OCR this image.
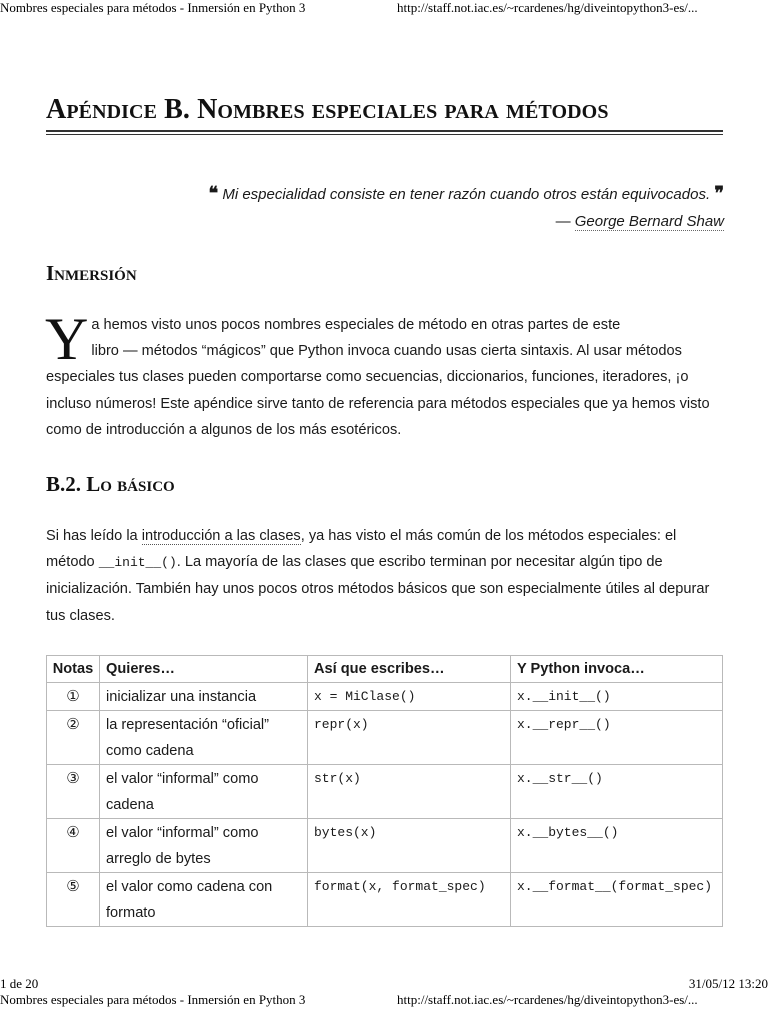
Nombres especiales para métodos - Inmersión en Python 3	http://staff.not.iac.es/~rcardenes/hg/diveintopython3-es/...
Apéndice B. Nombres especiales para métodos
❝ Mi especialidad consiste en tener razón cuando otros están equivocados. ❞
— George Bernard Shaw
Inmersión

Ya hemos visto unos pocos nombres especiales de método en otras partes de este
libro — métodos “mágicos” que Python invoca cuando usas cierta sintaxis. Al usar métodos especiales tus clases pueden comportarse como secuencias, diccionarios, funciones, iteradores, ¡o incluso números! Este apéndice sirve tanto de referencia para métodos especiales que ya hemos visto como de introducción a algunos de los más esotéricos.

B.2. Lo básico

Si has leído la introducción a las clases, ya has visto el más común de los métodos especiales: el método __init__(). La mayoría de las clases que escribo terminan por necesitar algún tipo de inicialización. También hay unos pocos otros métodos básicos que son especialmente útiles al depurar tus clases.

Notas	Quieres…	Así que escribes…	Y Python invoca…
①	inicializar una instancia	x = MiClase()	x.__init__()
②	la representación “oficial” como cadena	repr(x)	x.__repr__()
③	el valor “informal” como cadena	str(x)	x.__str__()
④	el valor “informal” como arreglo de bytes	bytes(x)	x.__bytes__()
⑤	el valor como cadena con formato	format(x, format_spec)	x.__format__(format_spec)
1 de 20	31/05/12 13:20
Nombres especiales para métodos - Inmersión en Python 3	http://staff.not.iac.es/~rcardenes/hg/diveintopython3-es/...
